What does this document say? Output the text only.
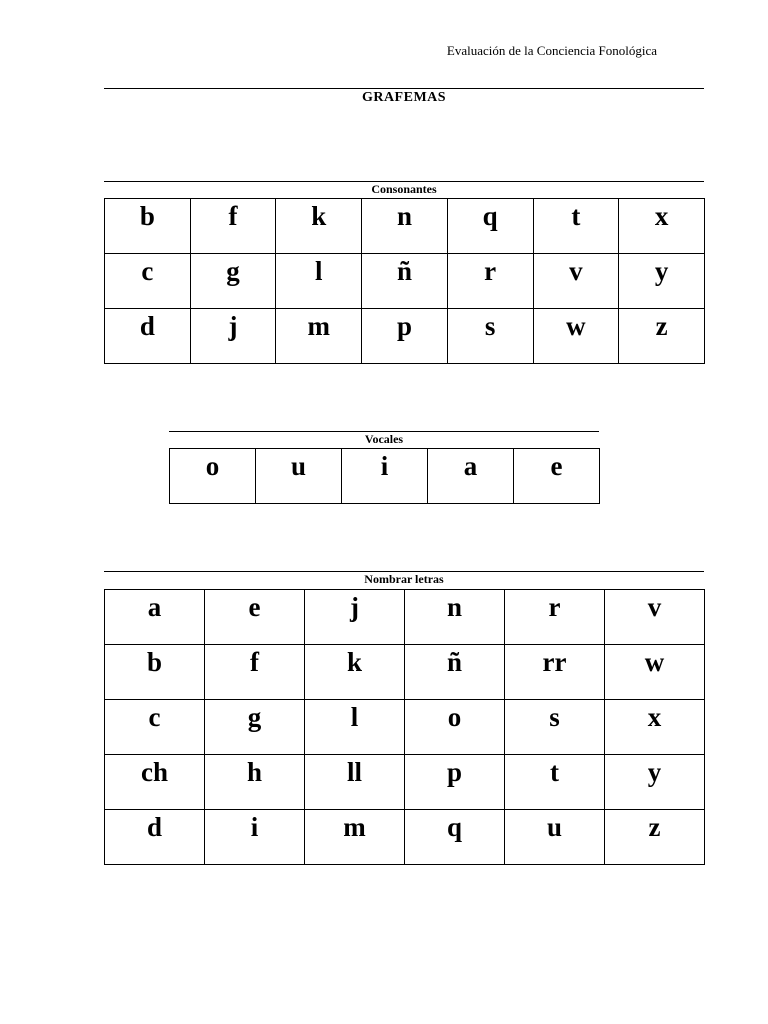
Evaluación de la Conciencia Fonológica
GRAFEMAS
Consonantes
b	f	k	n	q	t	x
c	g	l	ñ	r	v	y
d	j	m	p	s	w	z
Vocales
o	u	i	a	e
Nombrar letras
a	e	j	n	r	v
b	f	k	ñ	rr	w
c	g	l	o	s	x
ch	h	ll	p	t	y
d	i	m	q	u	z
